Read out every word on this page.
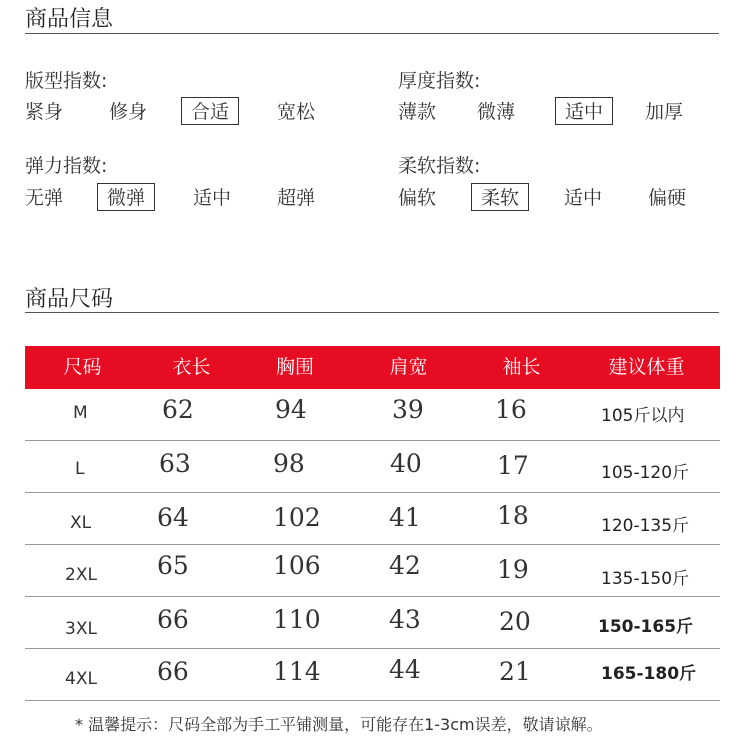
商品信息
版型指数:
紧身	修身	合适	宽松
厚度指数:
薄款	微薄	适中	加厚
弹力指数:
无弹	微弹	适中	超弹
柔软指数:
偏软	柔软	适中	偏硬
商品尺码
尺码	衣长	胸围	肩宽	袖长	建议体重
M	62	94	39	16	105斤以内
L	63	98	40	17	105-120斤
XL	64	102	41	18	120-135斤
2XL 65	106	42	19	135-150斤
3XL 66	110	43	20	150-165斤
4XL 66	114	44	21	165-180斤
* 温馨提示：尺码全部为手工平铺测量，可能存在1-3cm误差，敬请谅解。
